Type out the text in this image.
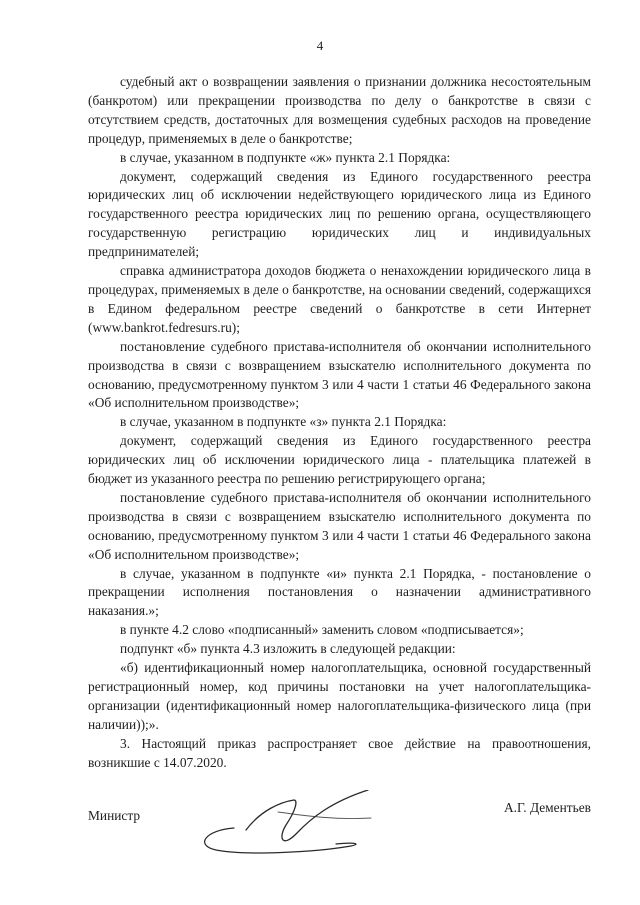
4

судебный акт о возвращении заявления о признании должника несостоятельным (банкротом) или прекращении производства по делу о банкротстве в связи с отсутствием средств, достаточных для возмещения судебных расходов на проведение процедур, применяемых в деле о банкротстве;

в случае, указанном в подпункте «ж» пункта 2.1 Порядка:

документ, содержащий сведения из Единого государственного реестра юридических лиц об исключении недействующего юридического лица из Единого государственного реестра юридических лиц по решению органа, осуществляющего государственную регистрацию юридических лиц и индивидуальных предпринимателей;

справка администратора доходов бюджета о ненахождении юридического лица в процедурах, применяемых в деле о банкротстве, на основании сведений, содержащихся в Едином федеральном реестре сведений о банкротстве в сети Интернет (www.bankrot.fedresurs.ru);

постановление судебного пристава-исполнителя об окончании исполнительного производства в связи с возвращением взыскателю исполнительного документа по основанию, предусмотренному пунктом 3 или 4 части 1 статьи 46 Федерального закона «Об исполнительном производстве»;

в случае, указанном в подпункте «з» пункта 2.1 Порядка:

документ, содержащий сведения из Единого государственного реестра юридических лиц об исключении юридического лица - плательщика платежей в бюджет из указанного реестра по решению регистрирующего органа;

постановление судебного пристава-исполнителя об окончании исполнительного производства в связи с возвращением взыскателю исполнительного документа по основанию, предусмотренному пунктом 3 или 4 части 1 статьи 46 Федерального закона «Об исполнительном производстве»;

в случае, указанном в подпункте «и» пункта 2.1 Порядка, - постановление о прекращении исполнения постановления о назначении административного наказания.»;

в пункте 4.2 слово «подписанный» заменить словом «подписывается»;

подпункт «б» пункта 4.3 изложить в следующей редакции:

«б) идентификационный номер налогоплательщика, основной государственный регистрационный номер, код причины постановки на учет налогоплательщика-организации (идентификационный номер налогоплательщика-физического лица (при наличии));».

3. Настоящий приказ распространяет свое действие на правоотношения, возникшие с 14.07.2020.

Министр
А.Г. Дементьев
